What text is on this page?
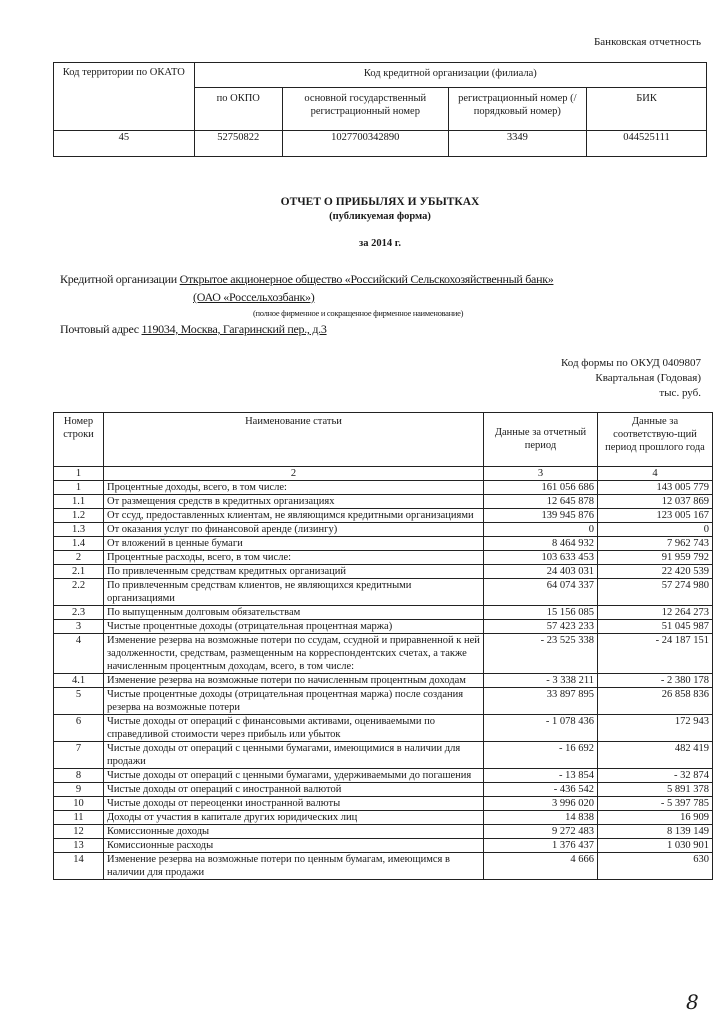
Банковская отчетность
Код территории по ОКАТО	Код кредитной организации (филиала)			
	по ОКПО	основной государственный регистрационный номер	регистрационный номер (/порядковый номер)	БИК
45	52750822	1027700342890	3349	044525111
ОТЧЕТ О ПРИБЫЛЯХ И УБЫТКАХ
(публикуемая форма)
за 2014 г.
Кредитной организации Открытое акционерное общество «Российский Сельскохозяйственный банк»
(ОАО «Россельхозбанк»)
(полное фирменное и сокращенное фирменное наименование)
Почтовый адрес 119034, Москва, Гагаринский пер., д.3
Код формы по ОКУД 0409807
Квартальная (Годовая)
тыс. руб.
Номер строки	Наименование статьи	Данные за отчетный период	Данные за соответствую-щий период прошлого года
1	2	3	4
1	Процентные доходы, всего, в том числе:	161 056 686	143 005 779
1.1	От размещения средств в кредитных организациях	12 645 878	12 037 869
1.2	От ссуд, предоставленных клиентам, не являющимся кредитными организациями	139 945 876	123 005 167
1.3	От оказания услуг по финансовой аренде (лизингу)	0	0
1.4	От вложений в ценные бумаги	8 464 932	7 962 743
2	Процентные расходы, всего, в том числе:	103 633 453	91 959 792
2.1	По привлеченным средствам кредитных организаций	24 403 031	22 420 539
2.2	По привлеченным средствам клиентов, не являющихся кредитными организациями	64 074 337	57 274 980
2.3	По выпущенным долговым обязательствам	15 156 085	12 264 273
3	Чистые процентные доходы (отрицательная процентная маржа)	57 423 233	51 045 987
4	Изменение резерва на возможные потери по ссудам, ссудной и приравненной к ней задолженности, средствам, размещенным на корреспондентских счетах, а также начисленным процентным доходам, всего, в том числе:	- 23 525 338	- 24 187 151
4.1	Изменение резерва на возможные потери по начисленным процентным доходам	- 3 338 211	- 2 380 178
5	Чистые процентные доходы (отрицательная процентная маржа) после создания резерва на возможные потери	33 897 895	26 858 836
6	Чистые доходы от операций с финансовыми активами, оцениваемыми по справедливой стоимости через прибыль или убыток	- 1 078 436	172 943
7	Чистые доходы от операций с ценными бумагами, имеющимися в наличии для продажи	- 16 692	482 419
8	Чистые доходы от операций с ценными бумагами, удерживаемыми до погашения	- 13 854	- 32 874
9	Чистые доходы от операций с иностранной валютой	- 436 542	5 891 378
10	Чистые доходы от переоценки иностранной валюты	3 996 020	- 5 397 785
11	Доходы от участия в капитале других юридических лиц	14 838	16 909
12	Комиссионные доходы	9 272 483	8 139 149
13	Комиссионные расходы	1 376 437	1 030 901
14	Изменение резерва на возможные потери по ценным бумагам, имеющимся в наличии для продажи	4 666	630
8
